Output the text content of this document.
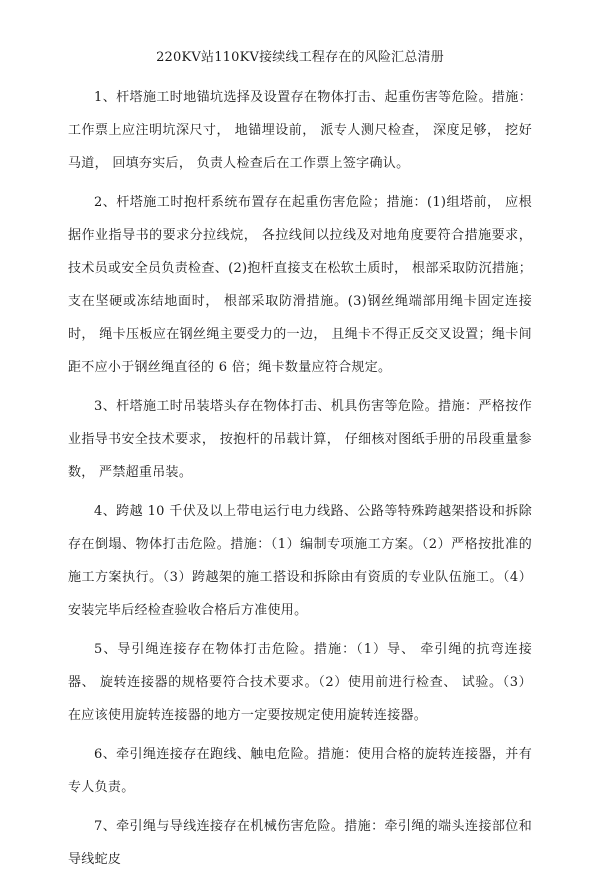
220KV站110KV接续线工程存在的风险汇总清册

1、杆塔施工时地锚坑选择及设置存在物体打击、起重伤害等危险。措施：工作票上应注明坑深尺寸， 地锚埋设前， 派专人测尺检查， 深度足够， 挖好马道， 回填夯实后， 负责人检查后在工作票上签字确认。

2、杆塔施工时抱杆系统布置存在起重伤害危险；措施：(1)组塔前， 应根据作业指导书的要求分拉线烷， 各拉线间以拉线及对地角度要符合措施要求， 技术员或安全员负责检查、(2)抱杆直接支在松软土质时， 根部采取防沉措施； 支在坚硬或冻结地面时， 根部采取防滑措施。(3)钢丝绳端部用绳卡固定连接时， 绳卡压板应在钢丝绳主要受力的一边， 且绳卡不得正反交叉设置；绳卡间距不应小于钢丝绳直径的 6 倍；绳卡数量应符合规定。

3、杆塔施工时吊装塔头存在物体打击、机具伤害等危险。措施：严格按作业指导书安全技术要求， 按抱杆的吊载计算， 仔细核对图纸手册的吊段重量参数， 严禁超重吊装。

4、跨越 10 千伏及以上带电运行电力线路、公路等特殊跨越架搭设和拆除存在倒塌、物体打击危险。措施：（1）编制专项施工方案。（2）严格按批准的施工方案执行。（3）跨越架的施工搭设和拆除由有资质的专业队伍施工。（4）安装完毕后经检查验收合格后方准使用。

5、导引绳连接存在物体打击危险。措施：（1）导、 牵引绳的抗弯连接器、 旋转连接器的规格要符合技术要求。（2）使用前进行检查、 试验。（3）在应该使用旋转连接器的地方一定要按规定使用旋转连接器。

6、牵引绳连接存在跑线、触电危险。措施：使用合格的旋转连接器，并有专人负责。

7、牵引绳与导线连接存在机械伤害危险。措施：牵引绳的端头连接部位和导线蛇皮
